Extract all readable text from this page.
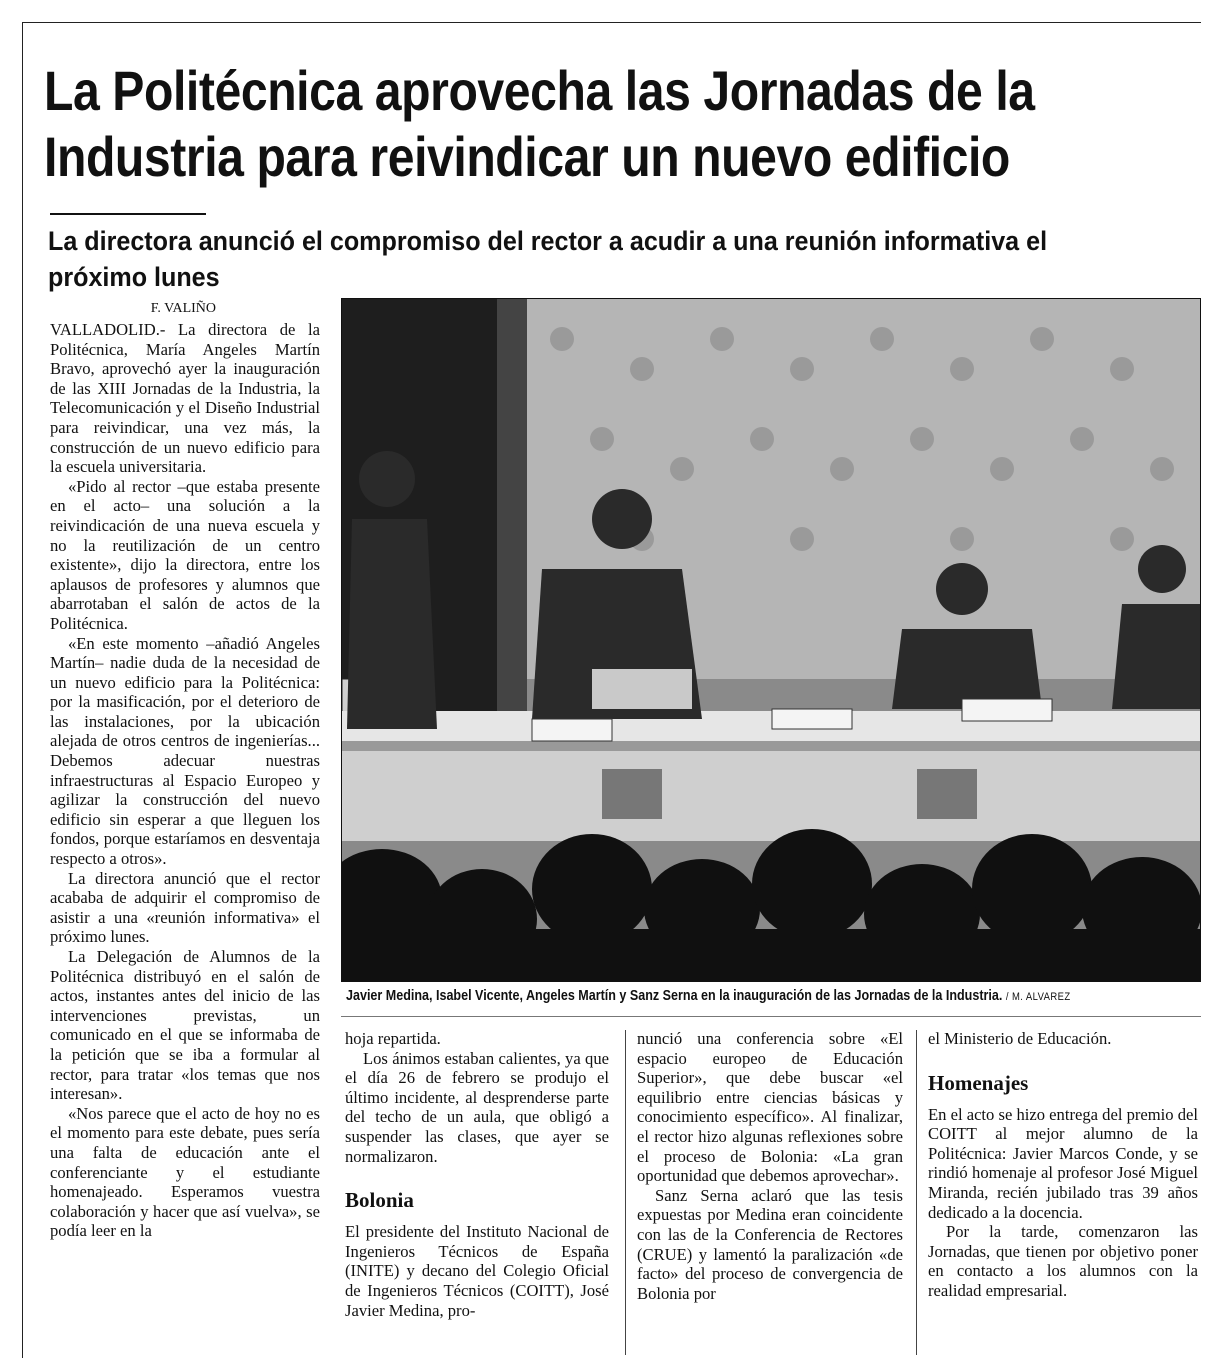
La Politécnica aprovecha las Jornadas de la Industria para reivindicar un nuevo edificio
La directora anunció el compromiso del rector a acudir a una reunión informativa el próximo lunes
F. VALIÑO

VALLADOLID.- La directora de la Politécnica, María Angeles Martín Bravo, aprovechó ayer la inauguración de las XIII Jornadas de la Industria, la Telecomunicación y el Diseño Industrial para reivindicar, una vez más, la construcción de un nuevo edificio para la escuela universitaria.

«Pido al rector –que estaba presente en el acto– una solución a la reivindicación de una nueva escuela y no la reutilización de un centro existente», dijo la directora, entre los aplausos de profesores y alumnos que abarrotaban el salón de actos de la Politécnica.

«En este momento –añadió Angeles Martín– nadie duda de la necesidad de un nuevo edificio para la Politécnica: por la masificación, por el deterioro de las instalaciones, por la ubicación alejada de otros centros de ingenierías... Debemos adecuar nuestras infraestructuras al Espacio Europeo y agilizar la construcción del nuevo edificio sin esperar a que lleguen los fondos, porque estaríamos en desventaja respecto a otros».

La directora anunció que el rector acababa de adquirir el compromiso de asistir a una «reunión informativa» el próximo lunes.

La Delegación de Alumnos de la Politécnica distribuyó en el salón de actos, instantes antes del inicio de las intervenciones previstas, un comunicado en el que se informaba de la petición que se iba a formular al rector, para tratar «los temas que nos interesan».

«Nos parece que el acto de hoy no es el momento para este debate, pues sería una falta de educación ante el conferenciante y el estudiante homenajeado. Esperamos vuestra colaboración y hacer que así vuelva», se podía leer en la

Javier Medina, Isabel Vicente, Angeles Martín y Sanz Serna en la inauguración de las Jornadas de la Industria. / M. ALVAREZ

hoja repartida.

Los ánimos estaban calientes, ya que el día 26 de febrero se produjo el último incidente, al desprenderse parte del techo de un aula, que obligó a suspender las clases, que ayer se normalizaron.

Bolonia

El presidente del Instituto Nacional de Ingenieros Técnicos de España (INITE) y decano del Colegio Oficial de Ingenieros Técnicos (COITT), José Javier Medina, pro-

nunció una conferencia sobre «El espacio europeo de Educación Superior», que debe buscar «el equilibrio entre ciencias básicas y conocimiento específico». Al finalizar, el rector hizo algunas reflexiones sobre el proceso de Bolonia: «La gran oportunidad que debemos aprovechar».

Sanz Serna aclaró que las tesis expuestas por Medina eran coincidente con las de la Conferencia de Rectores (CRUE) y lamentó la paralización «de facto» del proceso de convergencia de Bolonia por

el Ministerio de Educación.

Homenajes

En el acto se hizo entrega del premio del COITT al mejor alumno de la Politécnica: Javier Marcos Conde, y se rindió homenaje al profesor José Miguel Miranda, recién jubilado tras 39 años dedicado a la docencia.

Por la tarde, comenzaron las Jornadas, que tienen por objetivo poner en contacto a los alumnos con la realidad empresarial.
